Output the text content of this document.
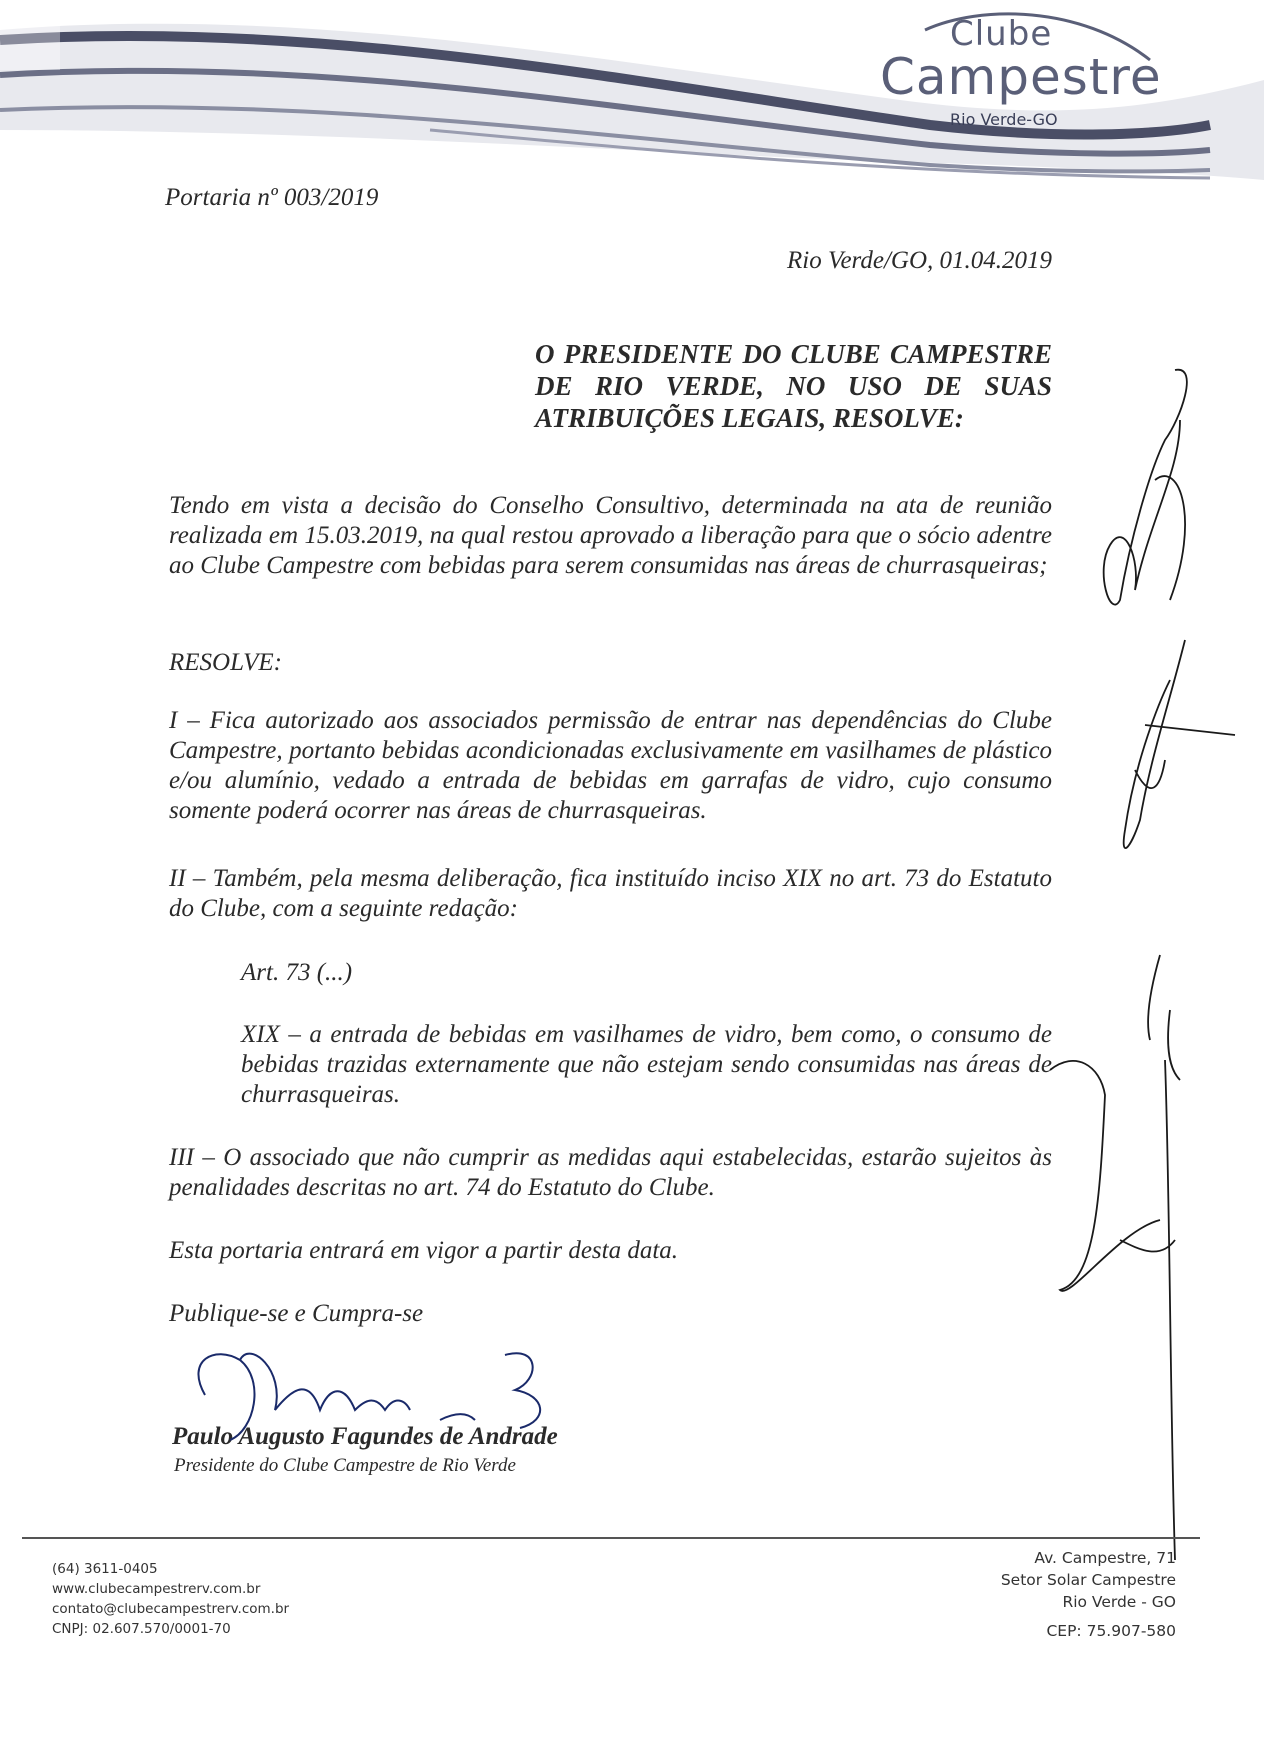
Clube
Campestre
Rio Verde-GO
Portaria nº 003/2019
Rio Verde/GO, 01.04.2019
O PRESIDENTE DO CLUBE CAMPESTRE
DE RIO VERDE, NO USO DE SUAS
ATRIBUIÇÕES LEGAIS, RESOLVE:
Tendo em vista a decisão do Conselho Consultivo, determinada na ata de reunião realizada em 15.03.2019, na qual restou aprovado a liberação para que o sócio adentre ao Clube Campestre com bebidas para serem consumidas nas áreas de churrasqueiras;
RESOLVE:
I – Fica autorizado aos associados permissão de entrar nas dependências do Clube Campestre, portanto bebidas acondicionadas exclusivamente em vasilhames de plástico e/ou alumínio, vedado a entrada de bebidas em garrafas de vidro, cujo consumo somente poderá ocorrer nas áreas de churrasqueiras.
II – Também, pela mesma deliberação, fica instituído inciso XIX no art. 73 do Estatuto do Clube, com a seguinte redação:
Art. 73 (...)
XIX – a entrada de bebidas em vasilhames de vidro, bem como, o consumo de bebidas trazidas externamente que não estejam sendo consumidas nas áreas de churrasqueiras.
III – O associado que não cumprir as medidas aqui estabelecidas, estarão sujeitos às penalidades descritas no art. 74 do Estatuto do Clube.
Esta portaria entrará em vigor a partir desta data.
Publique-se e Cumpra-se
Paulo Augusto Fagundes de Andrade
Presidente do Clube Campestre de Rio Verde
(64) 3611-0405
www.clubecampestrerv.com.br
contato@clubecampestrerv.com.br
CNPJ: 02.607.570/0001-70
Av. Campestre, 71
Setor Solar Campestre
Rio Verde - GO
CEP: 75.907-580
